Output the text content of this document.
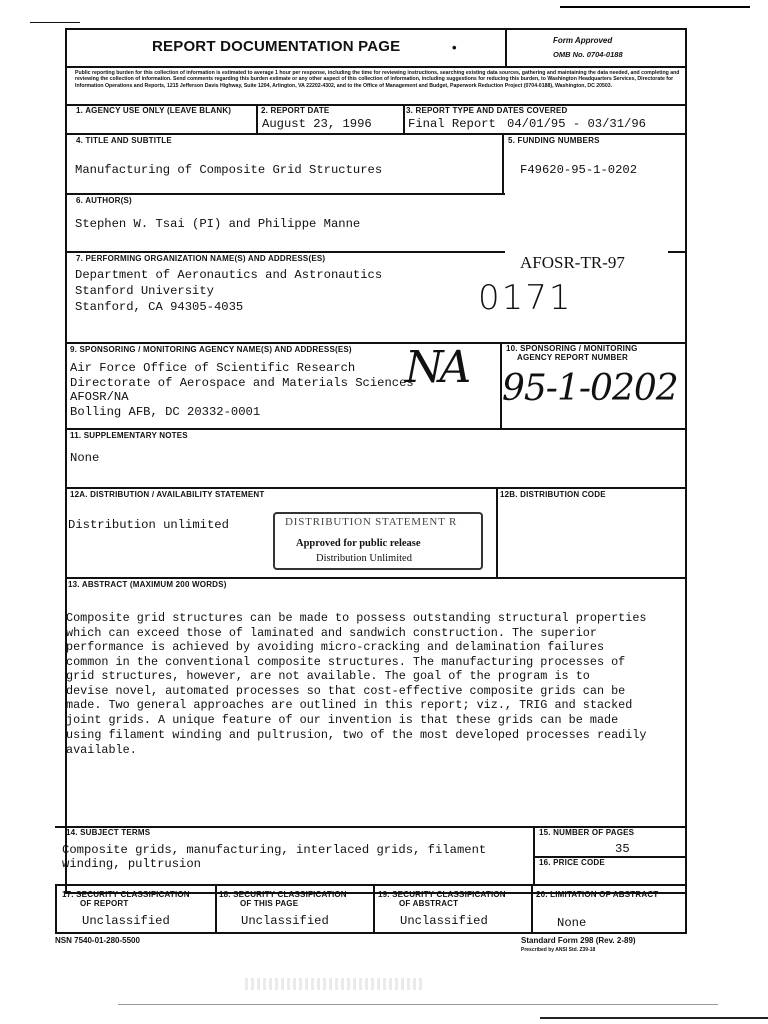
REPORT DOCUMENTATION PAGE	•	Form Approved
OMB No. 0704-0188
Public reporting burden for this collection of information is estimated to average 1 hour per response, including the time for reviewing instructions, searching existing data sources, gathering and maintaining the data needed, and completing and reviewing the collection of information. Send comments regarding this burden estimate or any other aspect of this collection of information, including suggestions for reducing this burden, to Washington Headquarters Services, Directorate for Information Operations and Reports, 1215 Jefferson Davis Highway, Suite 1204, Arlington, VA 22202-4302, and to the Office of Management and Budget, Paperwork Reduction Project (0704-0188), Washington, DC 20503.
1. AGENCY USE ONLY (LEAVE BLANK)	2. REPORT DATE
August 23, 1996
3. REPORT TYPE AND DATES COVERED
Final Report 04/01/95 - 03/31/96
4. TITLE AND SUBTITLE
Manufacturing of Composite Grid Structures
5. FUNDING NUMBERS
F49620-95-1-0202
6. AUTHOR(S)
Stephen W. Tsai (PI) and Philippe Manne
7. PERFORMING ORGANIZATION NAME(S) AND ADDRESS(ES)
Department of Aeronautics and Astronautics
Stanford University
Stanford, CA 94305-4035
AFOSR-TR-97
0171
9. SPONSORING / MONITORING AGENCY NAME(S) AND ADDRESS(ES)
Air Force Office of Scientific Research
Directorate of Aerospace and Materials Sciences
AFOSR/NA
Bolling AFB, DC 20332-0001
NA	10. SPONSORING / MONITORING
AGENCY REPORT NUMBER
95-1-0202
11. SUPPLEMENTARY NOTES
None
12A. DISTRIBUTION / AVAILABILITY STATEMENT
Distribution unlimited
12B. DISTRIBUTION CODE
DISTRIBUTION STATEMENT R
Approved for public release
Distribution Unlimited
13. ABSTRACT (MAXIMUM 200 WORDS)
Composite grid structures can be made to possess outstanding structural properties
which can exceed those of laminated and sandwich construction. The superior
performance is achieved by avoiding micro-cracking and delamination failures
common in the conventional composite structures. The manufacturing processes of
grid structures, however, are not available. The goal of the program is to
devise novel, automated processes so that cost-effective composite grids can be
made. Two general approaches are outlined in this report; viz., TRIG and stacked
joint grids. A unique feature of our invention is that these grids can be made
using filament winding and pultrusion, two of the most developed processes readily
available.
14. SUBJECT TERMS
Composite grids, manufacturing, interlaced grids, filament
winding, pultrusion
15. NUMBER OF PAGES
35
16. PRICE CODE
17. SECURITY CLASSIFICATION
OF REPORT
Unclassified
18. SECURITY CLASSIFICATION
OF THIS PAGE
Unclassified
19. SECURITY CLASSIFICATION
OF ABSTRACT
Unclassified
20. LIMITATION OF ABSTRACT
None
NSN 7540-01-280-5500	Standard Form 298 (Rev. 2-89)
Prescribed by ANSI Std. Z39-18
